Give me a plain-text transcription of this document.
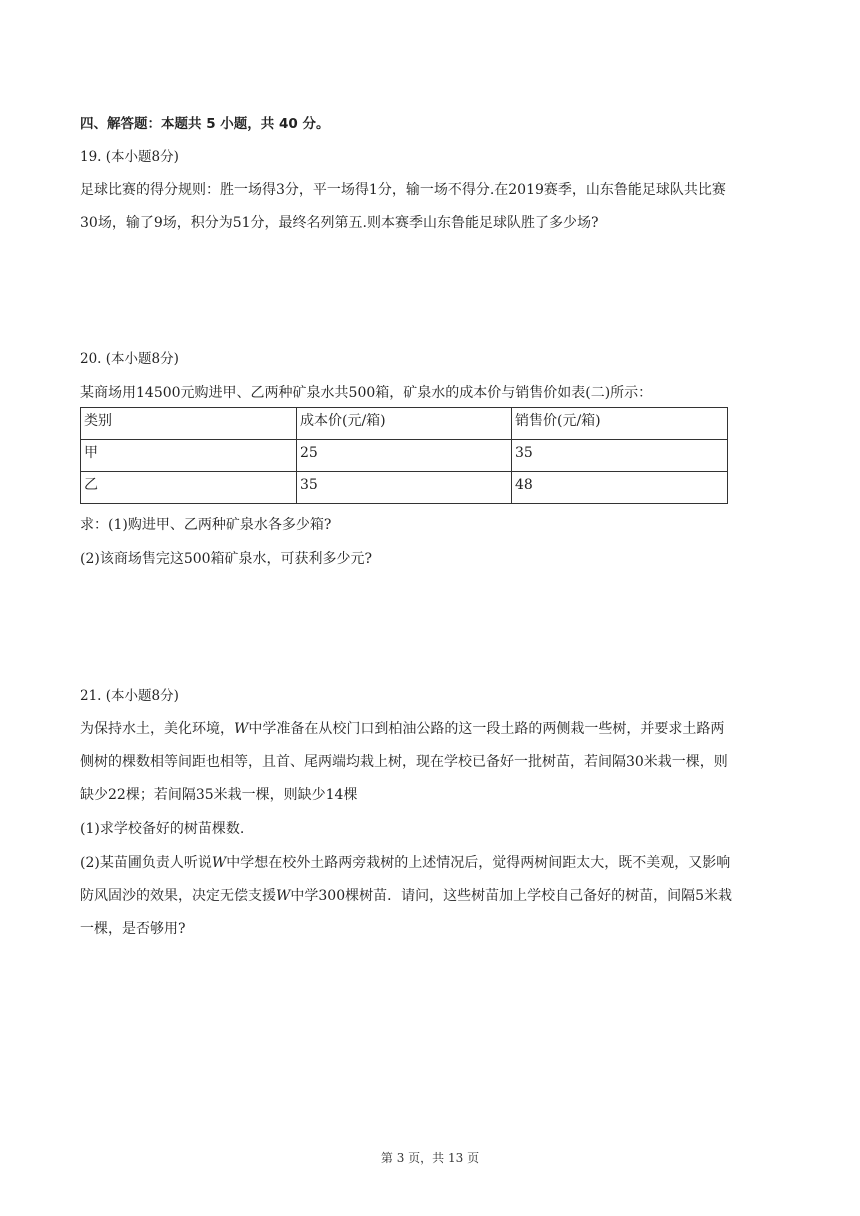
四、解答题：本题共 5 小题，共 40 分。
19. (本小题8分)
足球比赛的得分规则：胜一场得3分，平一场得1分，输一场不得分.在2019赛季，山东鲁能足球队共比赛
30场，输了9场，积分为51分，最终名列第五.则本赛季山东鲁能足球队胜了多少场?
20. (本小题8分)
某商场用14500元购进甲、乙两种矿泉水共500箱，矿泉水的成本价与销售价如表(二)所示：
类别	成本价(元/箱)	销售价(元/箱)
甲	25	35
乙	35	48
求：(1)购进甲、乙两种矿泉水各多少箱?
(2)该商场售完这500箱矿泉水，可获利多少元?
21. (本小题8分)
为保持水土，美化环境，W中学准备在从校门口到柏油公路的这一段土路的两侧栽一些树，并要求土路两
侧树的棵数相等间距也相等，且首、尾两端均栽上树，现在学校已备好一批树苗，若间隔30米栽一棵，则
缺少22棵；若间隔35米栽一棵，则缺少14棵
(1)求学校备好的树苗棵数.
(2)某苗圃负责人听说W中学想在校外土路两旁栽树的上述情况后，觉得两树间距太大，既不美观，又影响
防风固沙的效果，决定无偿支援W中学300棵树苗．请问，这些树苗加上学校自己备好的树苗，间隔5米栽
一棵，是否够用?
第 3 页，共 13 页
